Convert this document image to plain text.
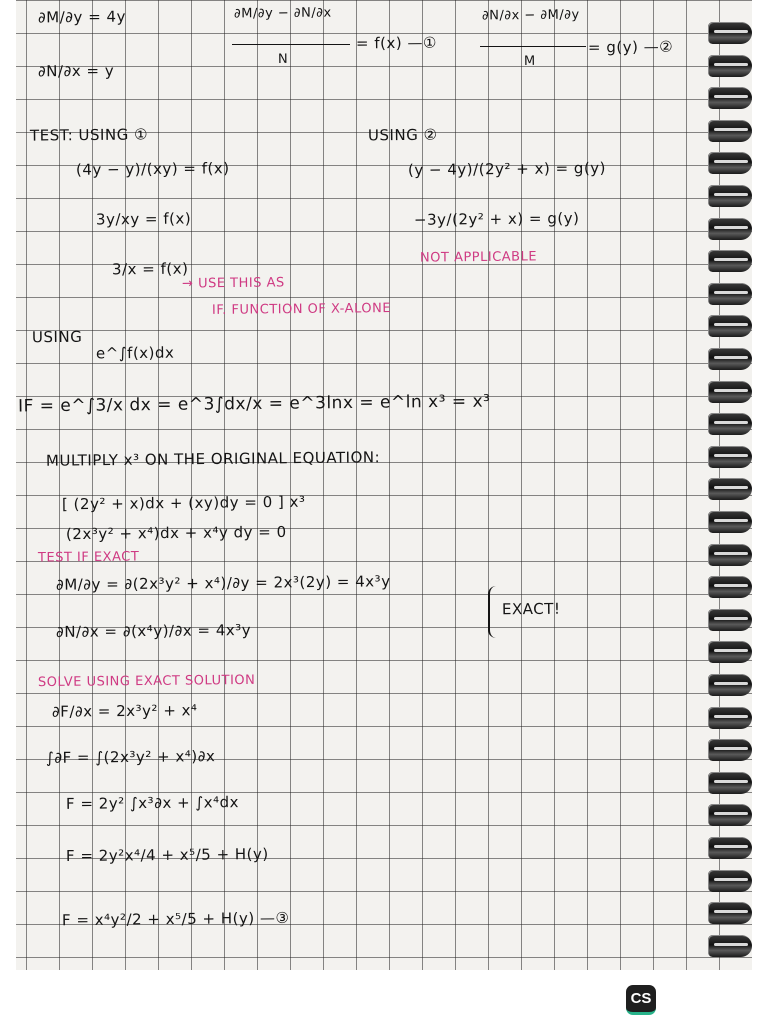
∂M/∂y = 4y
∂N/∂x = y
∂M/∂y − ∂N/∂x
N
= f(x) —①
∂N/∂x − ∂M/∂y
M
= g(y) —②
TEST: USING ①
(4y − y)/(xy) = f(x)
3y/xy = f(x)
3/x = f(x)
→ USE THIS AS
IF. FUNCTION OF X-ALONE
USING ②
(y − 4y)/(2y² + x) = g(y)
−3y/(2y² + x) = g(y)
NOT APPLICABLE
USING
e^∫f(x)dx
IF = e^∫3/x dx = e^3∫dx/x = e^3lnx = e^ln x³ = x³
MULTIPLY x³ ON THE ORIGINAL EQUATION:
[ (2y² + x)dx + (xy)dy = 0 ] x³
(2x³y² + x⁴)dx + x⁴y dy = 0
TEST IF EXACT
∂M/∂y = ∂(2x³y² + x⁴)/∂y = 2x³(2y) = 4x³y
∂N/∂x = ∂(x⁴y)/∂x = 4x³y
EXACT!
SOLVE USING EXACT SOLUTION
∂F/∂x = 2x³y² + x⁴
∫∂F = ∫(2x³y² + x⁴)∂x
F = 2y² ∫x³∂x + ∫x⁴dx
F = 2y²x⁴/4 + x⁵/5 + H(y)
F = x⁴y²/2 + x⁵/5 + H(y) —③
CS
